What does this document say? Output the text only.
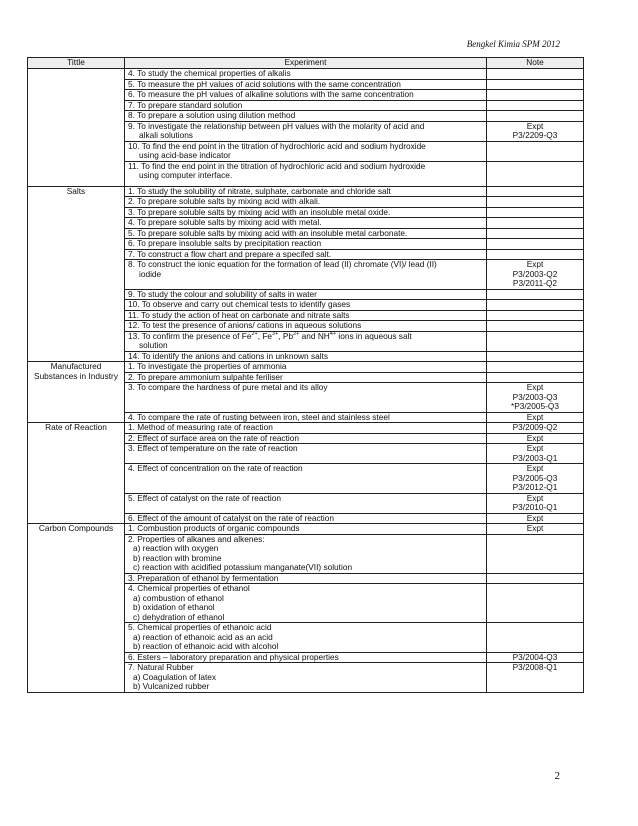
Bengkel Kimia SPM 2012
Tittle	Experiment	Note
	4. To study the chemical properties of alkalis	
	5. To measure the pH values of acid solutions with the same concentration	
	6. To measure the pH values of alkaline solutions with the same concentration	
	7. To prepare standard solution	
	8. To prepare a solution using dilution method	
	9. To investigate the relationship between pH values with the molarity of acid and
alkali solutions	Expt
P3/2209-Q3
	10. To find the end point in the titration of hydrochloric acid and sodium hydroxide
using acid-base indicator	

	11. To find the end point in the titration of hydrochloric acid and sodium hydroxide
using computer interface.	

Salts	1. To study the solubility of nitrate, sulphate, carbonate and chloride salt	
	2. To prepare soluble salts by mixing acid with alkali.	
	3. To prepare soluble salts by mixing acid with an insoluble metal oxide.	
	4. To prepare soluble salts by mixing acid with metal.	
	5. To prepare soluble salts by mixing acid with an insoluble metal carbonate.	
	6. To prepare insoluble salts by precipitation reaction	
	7. To construct a flow chart and prepare a specifed salt.	
	8. To construct the ionic equation for the formation of lead (II) chromate (VI)/ lead (II)
iodide	Expt
P3/2003-Q2
P3/2011-Q2
	9. To study the colour and solubility of salts in water	
	10. To observe and carry out chemical tests to identify gases	
	11. To study the action of heat on carbonate and nitrate salts	
	12. To test the presence of anions/ cations in aqueous solutions	
	13. To confirm the presence of $Fe^{2+}$, $Fe^{3+}$, $Pb^{2+}$ and $NH^{4+}$ ions in aqueous salt
solution	

	14. To identify the anions and cations in unknown salts	
Manufactured Substances in Industry	1. To investigate the properties of ammonia	
	2. To prepare ammonium sulpahte feriliser	
	3. To compare the hardness of pure metal and its alloy	Expt
P3/2003-Q3
*P3/2005-Q3
	4. To compare the rate of rusting between iron, steel and stainless steel	Expt
Rate of Reaction	1. Method of measuring rate of reaction	P3/2009-Q2
	2. Effect of surface area on the rate of reaction	Expt
	3. Effect of temperature on the rate of reaction	Expt
P3/2003-Q1
	4. Effect of concentration on the rate of reaction	Expt
P3/2005-Q3
P3/2012-Q1
	5. Effect of catalyst on the rate of reaction	Expt
P3/2010-Q1
	6. Effect of the amount of catalyst on the rate of reaction	Expt
Carbon Compounds	1. Combustion products of organic compounds	Expt
	2. Properties of alkanes and alkenes:
a) reaction with oxygen
b) reaction with bromine
c) reaction with acidified potassium manganate(VII) solution	

	3. Preparation of ethanol by fermentation	
	4. Chemical properties of ethanol
a) combustion of ethanol
b) oxidation of ethanol
c) dehydration of ethanol	

	5. Chemical properties of ethanoic acid
a) reaction of ethanoic acid as an acid
b) reaction of ethanoic acid with alcohol	

	6. Esters – laboratory preparation and physical properties	P3/2004-Q3
	7. Natural Rubber
a) Coagulation of latex
b) Vulcanized rubber	P3/2008-Q1
2
